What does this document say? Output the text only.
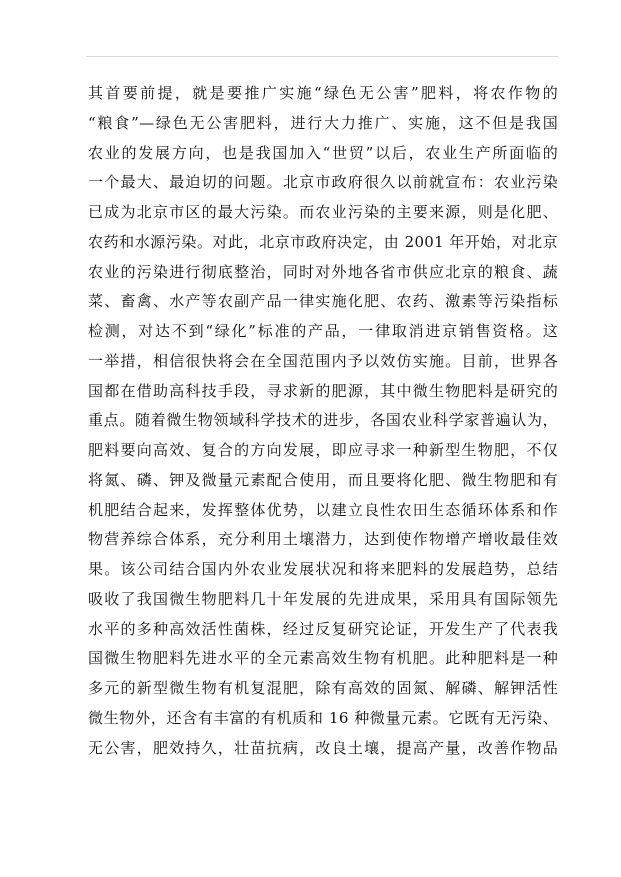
其首要前提，就是要推广实施“绿色无公害”肥料，将农作物的
“粮食”—绿色无公害肥料，进行大力推广、实施，这不但是我国
农业的发展方向，也是我国加入“世贸”以后，农业生产所面临的
一个最大、最迫切的问题。北京市政府很久以前就宣布：农业污染
已成为北京市区的最大污染。而农业污染的主要来源，则是化肥、
农药和水源污染。对此，北京市政府决定，由 2001 年开始，对北京
农业的污染进行彻底整治，同时对外地各省市供应北京的粮食、蔬
菜、畜禽、水产等农副产品一律实施化肥、农药、激素等污染指标
检测，对达不到“绿化”标准的产品，一律取消进京销售资格。这
一举措，相信很快将会在全国范围内予以效仿实施。目前，世界各
国都在借助高科技手段，寻求新的肥源，其中微生物肥料是研究的
重点。随着微生物领域科学技术的进步，各国农业科学家普遍认为，
肥料要向高效、复合的方向发展，即应寻求一种新型生物肥，不仅
将氮、磷、钾及微量元素配合使用，而且要将化肥、微生物肥和有
机肥结合起来，发挥整体优势，以建立良性农田生态循环体系和作
物营养综合体系，充分利用土壤潜力，达到使作物增产增收最佳效
果。该公司结合国内外农业发展状况和将来肥料的发展趋势，总结
吸收了我国微生物肥料几十年发展的先进成果，采用具有国际领先
水平的多种高效活性菌株，经过反复研究论证，开发生产了代表我
国微生物肥料先进水平的全元素高效生物有机肥。此种肥料是一种
多元的新型微生物有机复混肥，除有高效的固氮、解磷、解钾活性
微生物外，还含有丰富的有机质和 16 种微量元素。它既有无污染、
无公害，肥效持久，壮苗抗病，改良土壤，提高产量，改善作物品
